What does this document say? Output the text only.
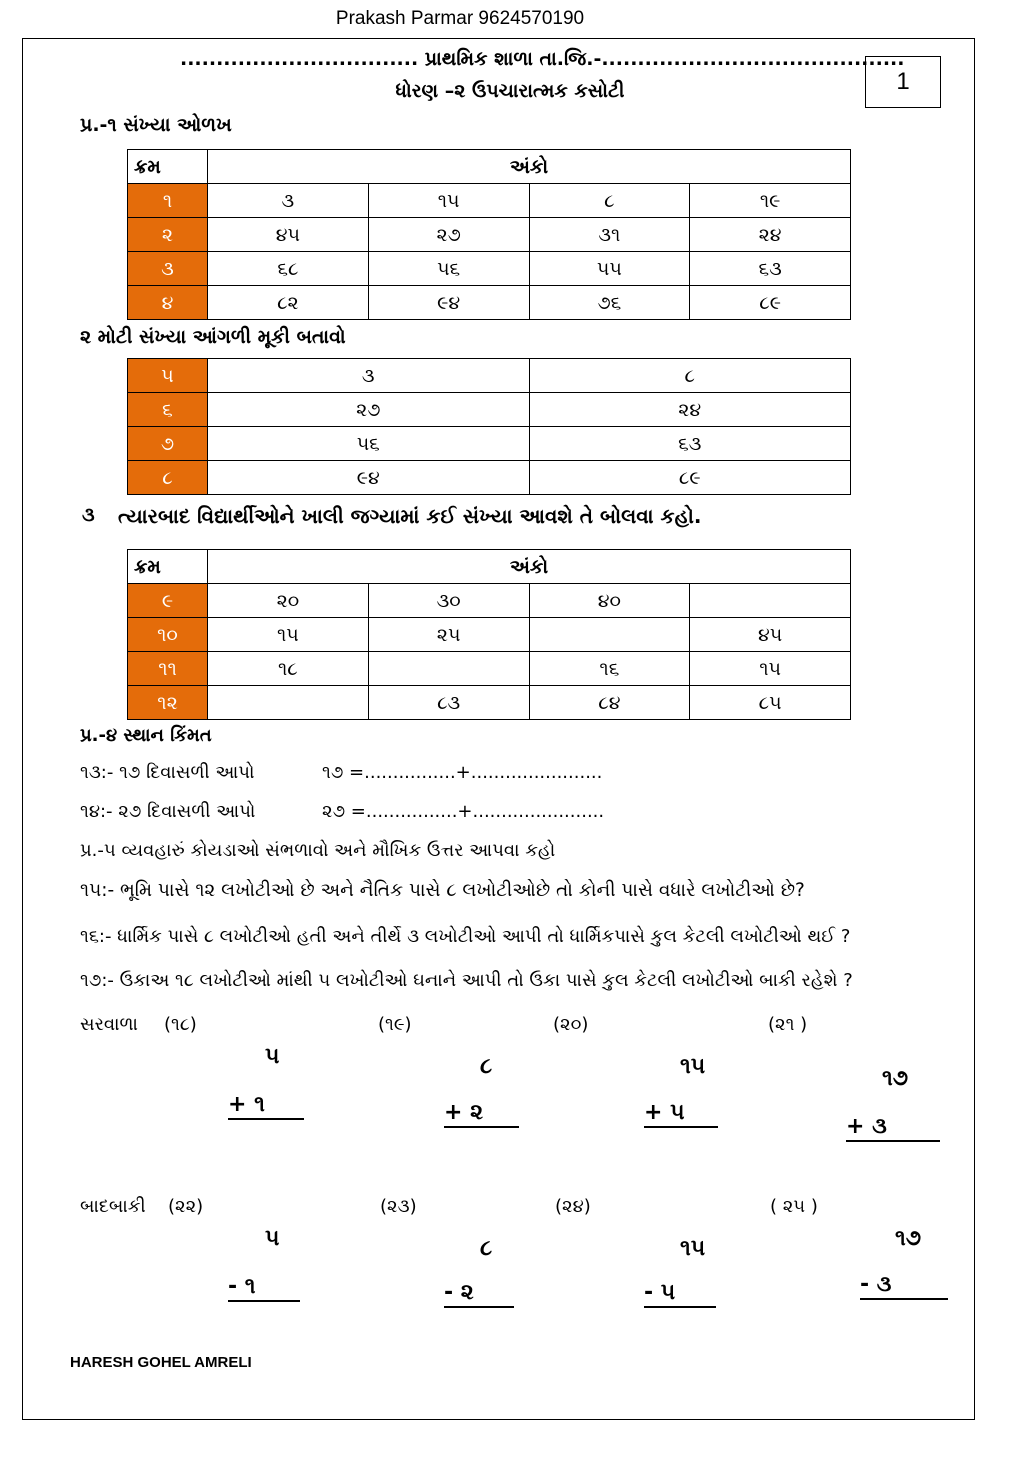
Prakash Parmar 9624570190
................................. પ્રાથમિક શાળા તા.જિ.-..........................................
ધોરણ –૨ ઉપચારાત્મક કસોટી	1
પ્ર.-૧ સંખ્યા ઓળખ
ક્રમ	અંકો			
૧	૩	૧૫	૮	૧૯
૨	૪૫	૨૭	૩૧	૨૪
૩	૬૮	૫૬	૫૫	૬૩
૪	૮૨	૯૪	૭૬	૮૯
૨ મોટી સંખ્યા આંગળી મૂકી બતાવો
૫	૩	૮
૬	૨૭	૨૪
૭	૫૬	૬૩
૮	૯૪	૮૯
૩ ત્યારબાદ વિદ્યાર્થીઓને ખાલી જગ્યામાં કઈ સંખ્યા આવશે તે બોલવા કહો.
ક્રમ	અંકો			
૯	૨૦	૩૦	૪૦	
૧૦	૧૫	૨૫		૪૫
૧૧	૧૮		૧૬	૧૫
૧૨		૮૩	૮૪	૮૫
પ્ર.-૪ સ્થાન કિંમત
૧૩:- ૧૭ દિવાસળી આપો	૧૭ =................+.......................
૧૪:- ૨૭ દિવાસળી આપો	૨૭ =................+.......................
પ્ર.-૫ વ્યવહારું કોયડાઓ સંભળાવો અને મૌખિક ઉત્તર આપવા કહો
૧૫:- ભૂમિ પાસે ૧૨ લખોટીઓ છે અને નૈતિક પાસે ૮ લખોટીઓછે તો કોની પાસે વધારે લખોટીઓ છે?
૧૬:- ધાર્મિક પાસે ૮ લખોટીઓ હતી અને તીર્થે ૩ લખોટીઓ આપી તો ધાર્મિકપાસે કુલ કેટલી લખોટીઓ થઈ ?
૧૭:- ઉકાઅ ૧૮ લખોટીઓ માંથી ૫ લખોટીઓ ઘનાને આપી તો ઉકા પાસે કુલ કેટલી લખોટીઓ બાકી રહેશે ?
સરવાળા (૧૮)	(૧૯)	(૨૦)	(૨૧ )
૫
+ ૧
૮
+ ૨
૧૫
+ ૫
૧૭
+ ૩
બાદબાકી (૨૨)	(૨૩)	(૨૪)	( ૨૫ )
૫
- ૧
૮
- ૨
૧૫
- ૫
૧૭
- ૩
HARESH GOHEL AMRELI
